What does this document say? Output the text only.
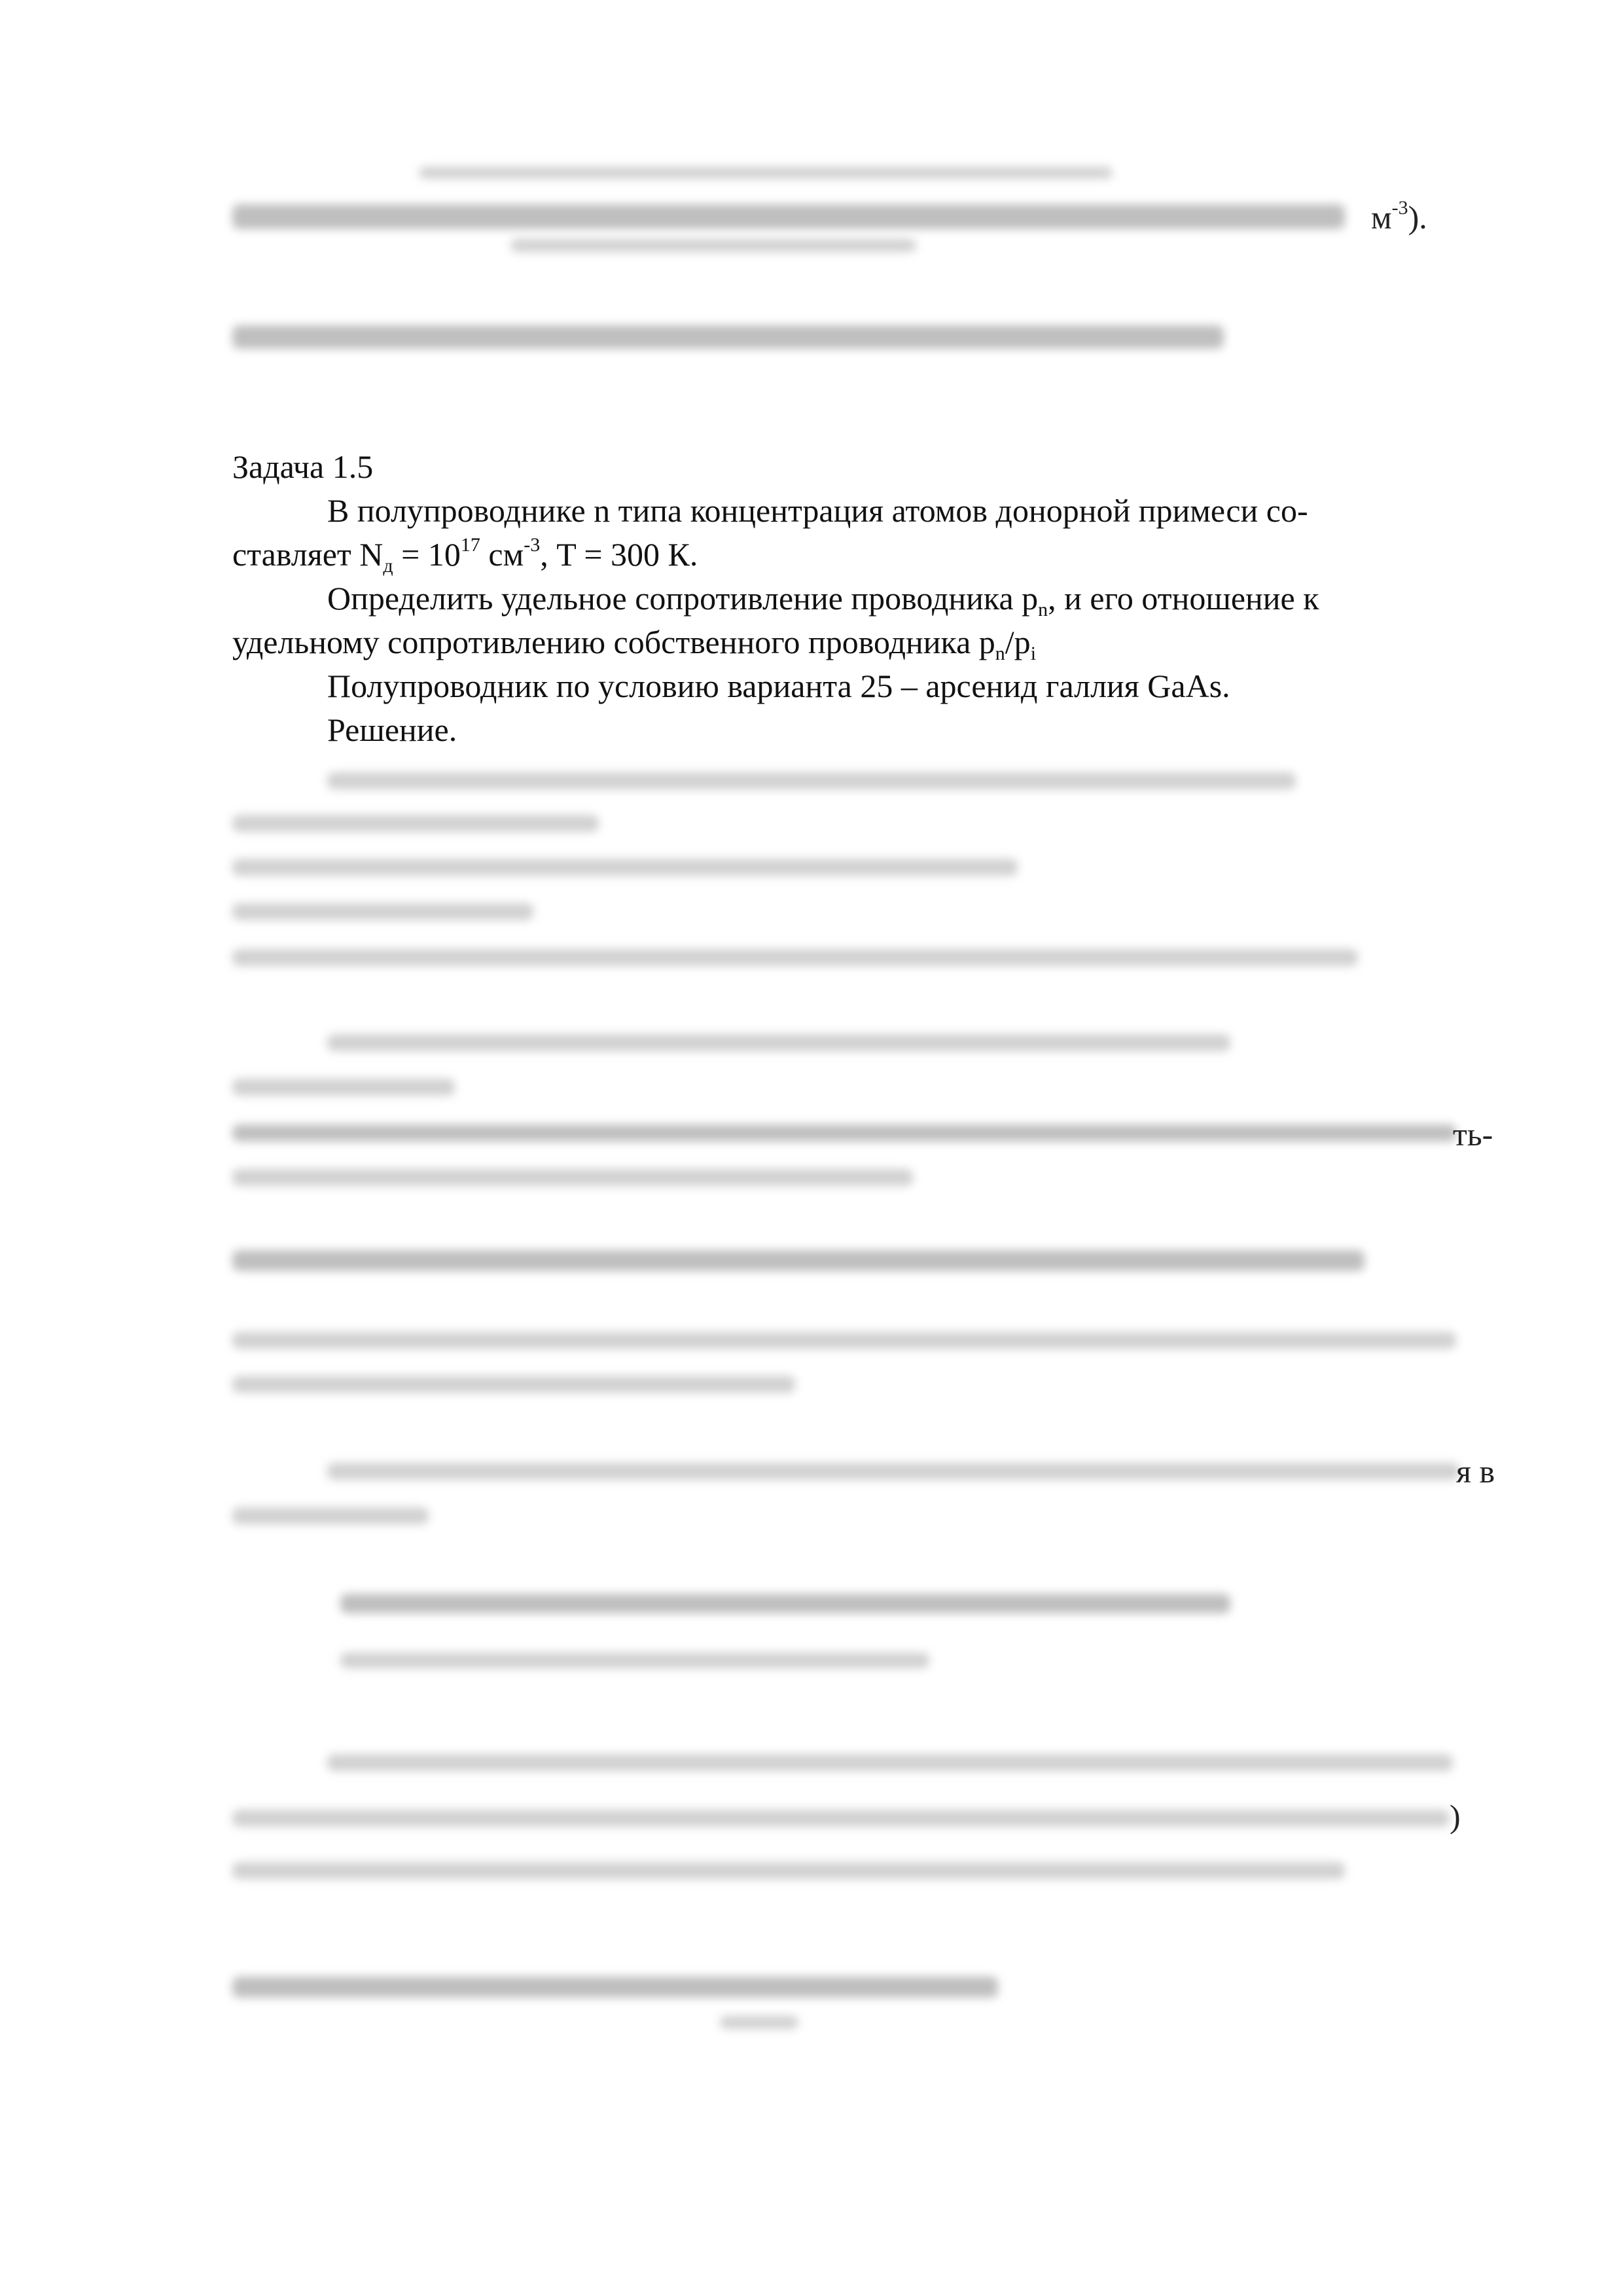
$м^{-3}$).
Задача 1.5
В полупроводнике n типа концентрация атомов донорной примеси со-
ставляет $N_д = 10^{17}$ $см^{-3}$, T = 300 К.
Определить удельное сопротивление проводника $p_n$, и его отношение к
удельному сопротивлению собственного проводника $p_n/p_i$
Полупроводник по условию варианта 25 – арсенид галлия GaAs.
Решение.
ть-
я в
)
